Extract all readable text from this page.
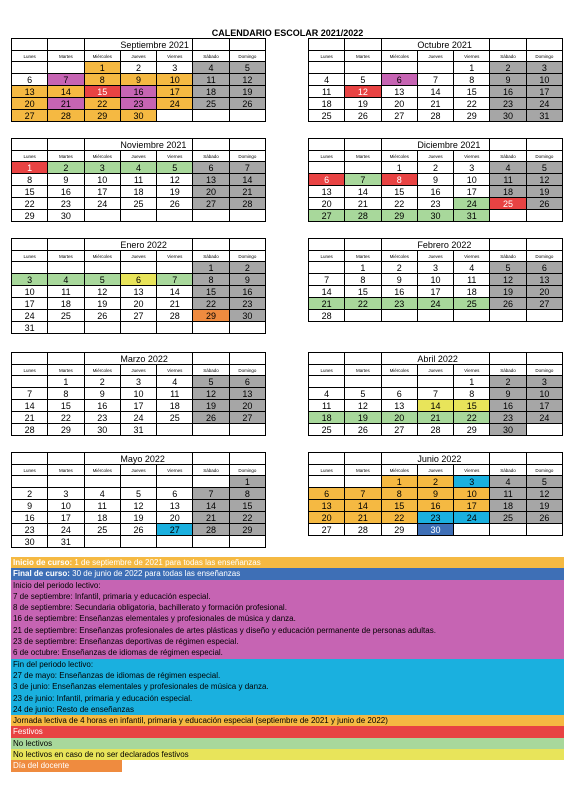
CALENDARIO ESCOLAR 2021/2022
			Septiembre 2021			
Lunes	Martes	Miércoles	Jueves	Viernes	Sábado	Domingo
		1	2	3	4	5
6	7	8	9	10	11	12
13	14	15	16	17	18	19
20	21	22	23	24	25	26
27	28	29	30			
			Octubre 2021			
Lunes	Martes	Miércoles	Jueves	Viernes	Sábado	Domingo
				1	2	3
4	5	6	7	8	9	10
11	12	13	14	15	16	17
18	19	20	21	22	23	24
25	26	27	28	29	30	31
			Noviembre 2021			
Lunes	Martes	Miércoles	Jueves	Viernes	Sábado	Domingo
1	2	3	4	5	6	7
8	9	10	11	12	13	14
15	16	17	18	19	20	21
22	23	24	25	26	27	28
29	30					
			Diciembre 2021			
Lunes	Martes	Miércoles	Jueves	Viernes	Sábado	Domingo
		1	2	3	4	5
6	7	8	9	10	11	12
13	14	15	16	17	18	19
20	21	22	23	24	25	26
27	28	29	30	31		
			Enero 2022			
Lunes	Martes	Miércoles	Jueves	Viernes	Sábado	Domingo
					1	2
3	4	5	6	7	8	9
10	11	12	13	14	15	16
17	18	19	20	21	22	23
24	25	26	27	28	29	30
31						
			Febrero 2022			
Lunes	Martes	Miércoles	Jueves	Viernes	Sábado	Domingo
	1	2	3	4	5	6
7	8	9	10	11	12	13
14	15	16	17	18	19	20
21	22	23	24	25	26	27
28						
			Marzo 2022			
Lunes	Martes	Miércoles	Jueves	Viernes	Sábado	Domingo
	1	2	3	4	5	6
7	8	9	10	11	12	13
14	15	16	17	18	19	20
21	22	23	24	25	26	27
28	29	30	31			
			Abril 2022			
Lunes	Martes	Miércoles	Jueves	Viernes	Sábado	Domingo
				1	2	3
4	5	6	7	8	9	10
11	12	13	14	15	16	17
18	19	20	21	22	23	24
25	26	27	28	29	30	
			Mayo 2022			
Lunes	Martes	Miércoles	Jueves	Viernes	Sábado	Domingo
						1
2	3	4	5	6	7	8
9	10	11	12	13	14	15
16	17	18	19	20	21	22
23	24	25	26	27	28	29
30	31					
			Junio 2022			
Lunes	Martes	Miércoles	Jueves	Viernes	Sábado	Domingo
		1	2	3	4	5
6	7	8	9	10	11	12
13	14	15	16	17	18	19
20	21	22	23	24	25	26
27	28	29	30			
Inicio de curso: 1 de septiembre de 2021 para todas las enseñanzas
Final de curso: 30 de junio de 2022 para todas las enseñanzas
Inicio del periodo lectivo:
7 de septiembre: Infantil, primaria y educación especial.
8 de septiembre: Secundaria obligatoria, bachillerato y formación profesional.
16 de septiembre: Enseñanzas elementales y profesionales de música y danza.
21 de septiembre: Enseñanzas profesionales de artes plásticas y diseño y educación permanente de personas adultas.
23 de septiembre: Enseñanzas deportivas de régimen especial.
6 de octubre: Enseñanzas de idiomas de régimen especial.
Fin del periodo lectivo:
27 de mayo: Enseñanzas de idiomas de régimen especial.
3 de junio: Enseñanzas elementales y profesionales de música y danza.
23 de junio: Infantil, primaria y educación especial.
24 de junio: Resto de enseñanzas
Jornada lectiva de 4 horas en infantil, primaria y educación especial (septiembre de 2021 y junio de 2022)
Festivos
No lectivos
No lectivos en caso de no ser declarados festivos
Día del docente
